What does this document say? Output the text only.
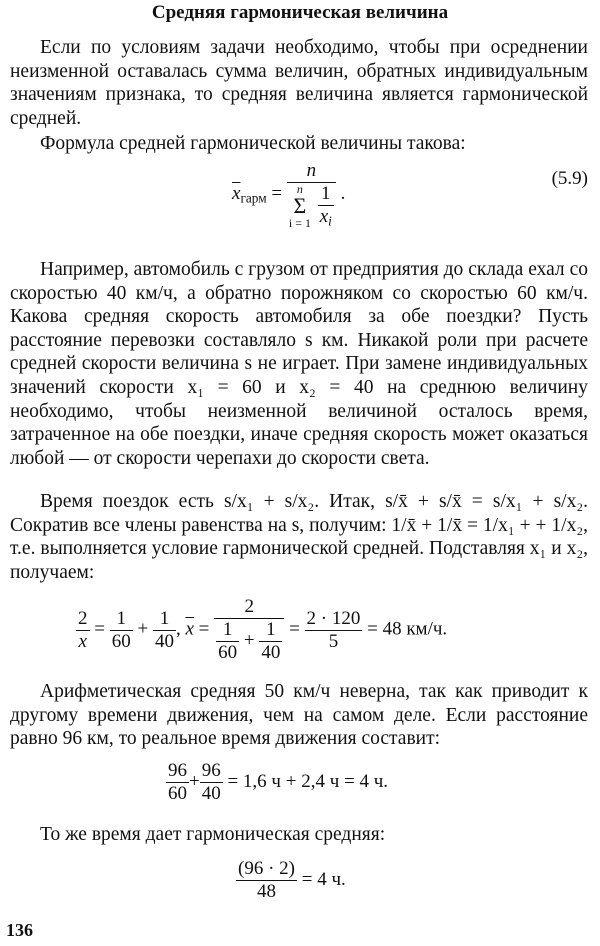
Средняя гармоническая величина

Если по условиям задачи необходимо, чтобы при осреднении неизменной оставалась сумма величин, обратных индивидуальным значениям признака, то средняя величина является гармонической средней.

Формула средней гармонической величины такова:

$\overline{x}_{гарм}$ =
n
n
Σ
i = 1
$\frac{1}{x_i}$ .
(5.9)

Например, автомобиль с грузом от предприятия до склада ехал со скоростью 40 км/ч, а обратно порожняком со скоростью 60 км/ч. Какова средняя скорость автомобиля за обе поездки? Пусть расстояние перевозки составляло s км. Никакой роли при расчете средней скорости величина s не играет. При замене индивидуальных значений скорости x₁ = 60 и x₂ = 40 на среднюю величину необходимо, чтобы неизменной величиной осталось время, затраченное на обе поездки, иначе средняя скорость может оказаться любой — от скорости черепахи до скорости света.

Время поездок есть s/x₁ + s/x₂. Итак, s/x̄ + s/x̄ = s/x₁ + s/x₂. Сократив все члены равенства на s, получим: 1/x̄ + 1/x̄ = 1/x₁ + + 1/x₂, т.е. выполняется условие гармонической средней. Подставляя x₁ и x₂, получаем:

$\frac{2}{x} = \frac{1}{60} + \frac{1}{40}$ , $\overline{x} = \frac{2}{\frac{1}{60} + \frac{1}{40}} = \frac{2 \cdot 120}{5} = 48$ км/ч.

Арифметическая средняя 50 км/ч неверна, так как приводит к другому времени движения, чем на самом деле. Если расстояние равно 96 км, то реальное время движения составит:

$\frac{96}{60} + \frac{96}{40} = 1,6$ ч + 2,4 ч = 4 ч.

То же время дает гармоническая средняя:

$\frac{(96 \cdot 2)}{48} = 4$ ч.
136
